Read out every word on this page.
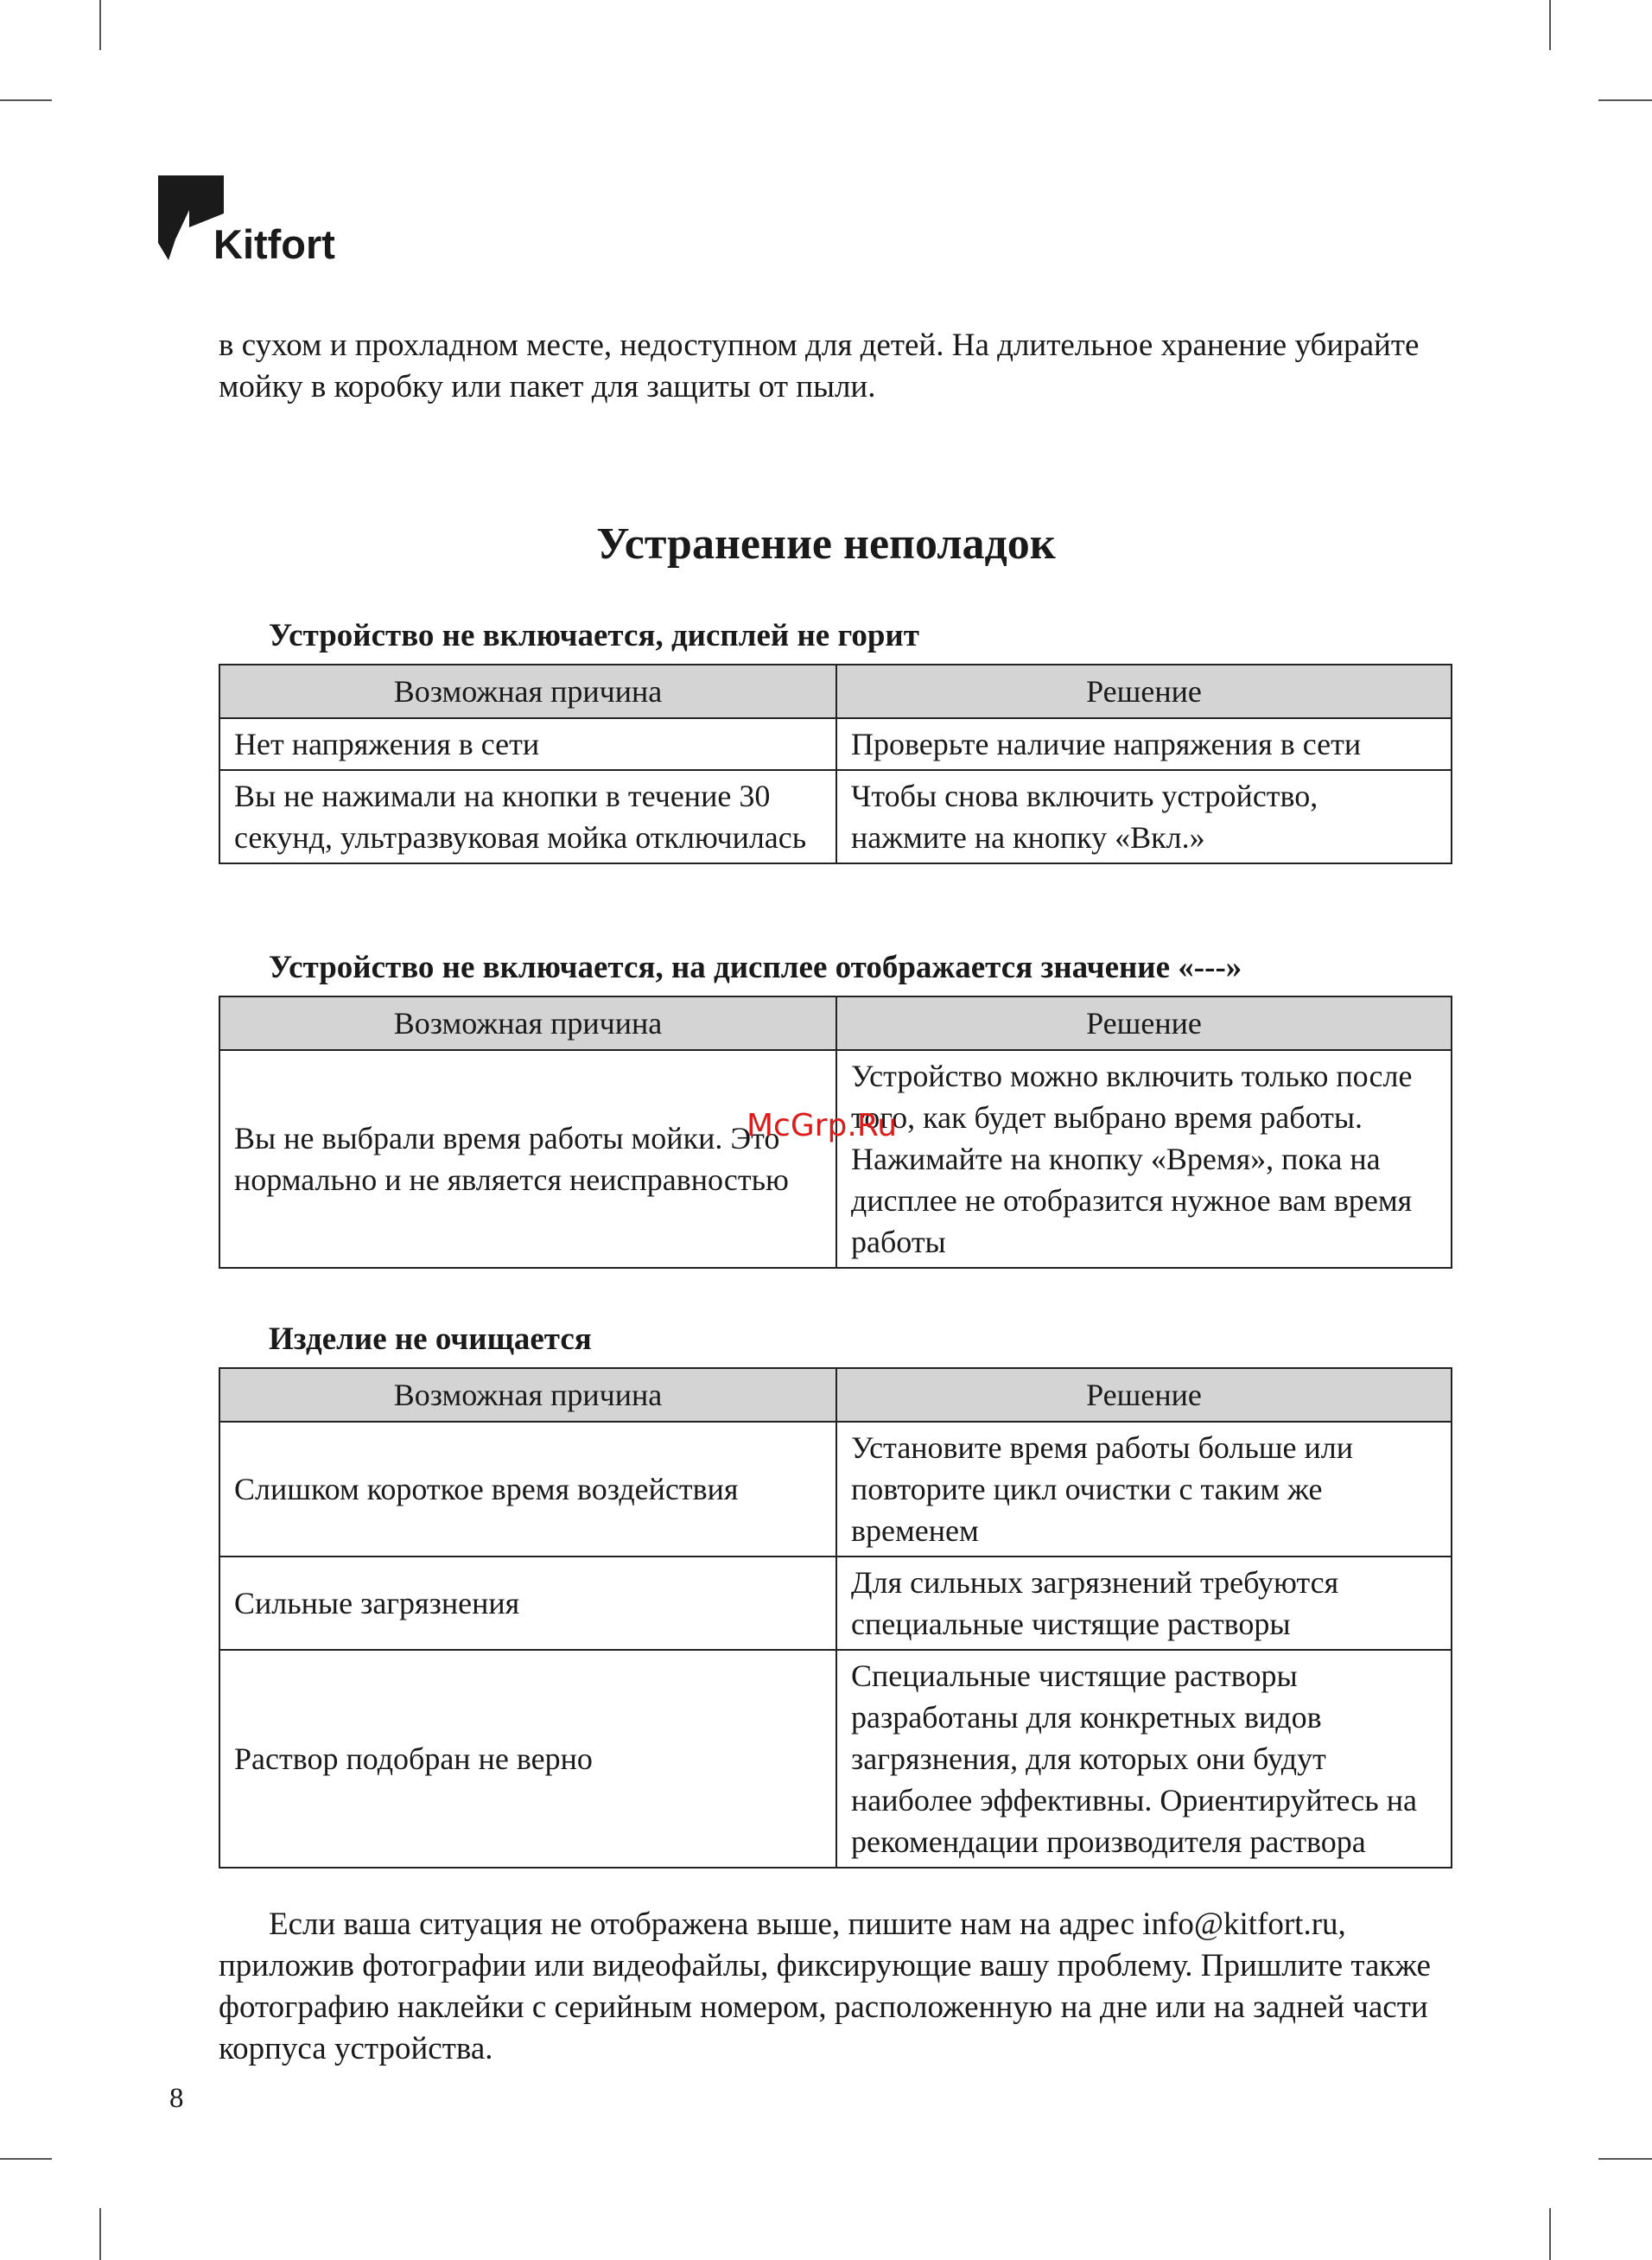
Kitfort

в сухом и прохладном месте, недоступном для детей. На длительное хранение убирайте мойку в коробку или пакет для защиты от пыли.

Устранение неполадок
Устройство не включается, дисплей не горит
Возможная причина	Решение
Нет напряжения в сети	Проверьте наличие напряжения в сети
Вы не нажимали на кнопки в течение 30 секунд, ультразвуковая мойка отключилась	Чтобы снова включить устройство, нажмите на кнопку «Вкл.»
Устройство не включается, на дисплее отображается значение «---»
Возможная причина	Решение
Вы не выбрали время работы мойки. Это нормально и не является неисправностью	Устройство можно включить только после того, как будет выбрано время работы. Нажимайте на кнопку «Время», пока на дисплее не отобразится нужное вам время работы
Изделие не очищается
Возможная причина	Решение
Слишком короткое время воздействия	Установите время работы больше или повторите цикл очистки с таким же временем
Сильные загрязнения	Для сильных загрязнений требуются специальные чистящие растворы
Раствор подобран не верно	Специальные чистящие растворы разработаны для конкретных видов загрязнения, для которых они будут наиболее эффективны. Ориентируйтесь на рекомендации производителя раствора

Если ваша ситуация не отображена выше, пишите нам на адрес info@kitfort.ru, приложив фотографии или видеофайлы, фиксирующие вашу проблему. Пришлите также фотографию наклейки с серийным номером, расположенную на дне или на задней части корпуса устройства.

McGrp.Ru
8
